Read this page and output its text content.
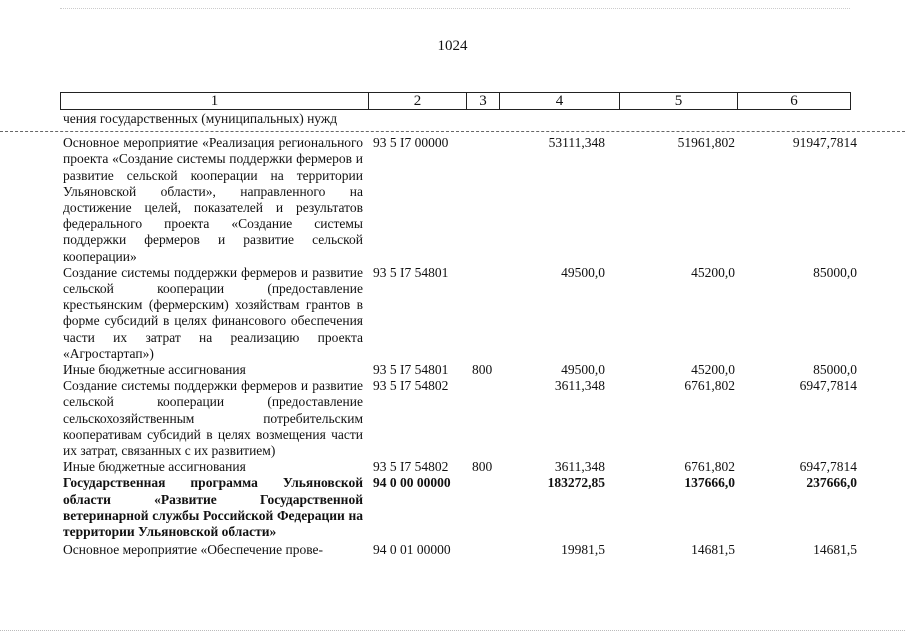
1024
1	2	3	4	5	6
чения государственных (муниципальных) нужд
Основное мероприятие «Реализация регионального проекта «Создание системы поддержки фермеров и развитие сельской кооперации на территории Ульяновской области», направленного на достижение целей, показателей и результатов федерального проекта «Создание системы поддержки фермеров и развитие сельской кооперации»
93 5 I7 00000	53111,348	51961,802	91947,7814
Создание системы поддержки фермеров и развитие сельской кооперации (предоставление крестьянским (фермерским) хозяйствам грантов в форме субсидий в целях финансового обеспечения части их затрат на реализацию проекта «Агростартап»)
93 5 I7 54801	49500,0	45200,0	85000,0
Иные бюджетные ассигнования	93 5 I7 54801 800	49500,0	45200,0	85000,0
Создание системы поддержки фермеров и развитие сельской кооперации (предоставление сельскохозяйственным потребительским кооперативам субсидий в целях возмещения части их затрат, связанных с их развитием)
93 5 I7 54802	3611,348	6761,802	6947,7814
Иные бюджетные ассигнования	93 5 I7 54802 800	3611,348	6761,802	6947,7814
Государственная программа Ульяновской области «Развитие Государственной ветеринарной службы Российской Федерации на территории Ульяновской области»
94 0 00 00000	183272,85	137666,0	237666,0
Основное мероприятие «Обеспечение прове-	94 0 01 00000	19981,5	14681,5	14681,5
